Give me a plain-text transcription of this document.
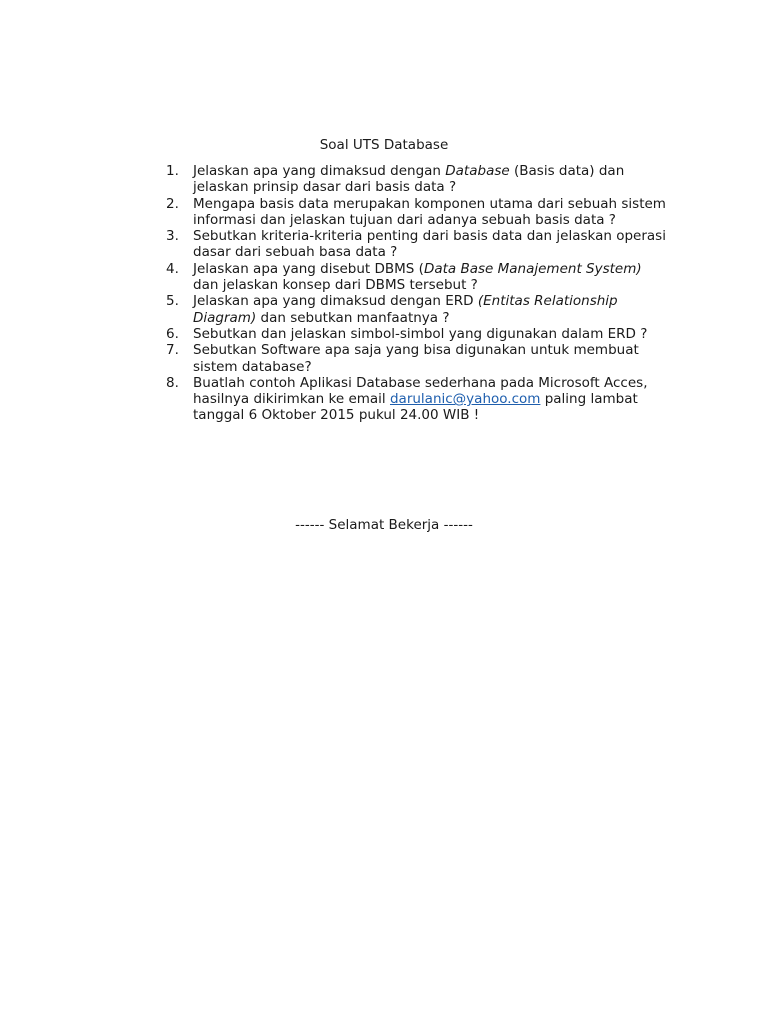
Soal UTS Database

1. Jelaskan apa yang dimaksud dengan Database (Basis data) dan jelaskan prinsip dasar dari basis data ?
2. Mengapa basis data merupakan komponen utama dari sebuah sistem informasi dan jelaskan tujuan dari adanya sebuah basis data ?
3. Sebutkan kriteria-kriteria penting dari basis data dan jelaskan operasi dasar dari sebuah basa data ?
4. Jelaskan apa yang disebut DBMS (Data Base Manajement System) dan jelaskan konsep dari DBMS tersebut ?
5. Jelaskan apa yang dimaksud dengan ERD (Entitas Relationship Diagram) dan sebutkan manfaatnya ?
6. Sebutkan dan jelaskan simbol-simbol yang digunakan dalam ERD ?
7. Sebutkan Software apa saja yang bisa digunakan untuk membuat sistem database?
8. Buatlah contoh Aplikasi Database sederhana pada Microsoft Acces, hasilnya dikirimkan ke email darulanic@yahoo.com paling lambat tanggal 6 Oktober 2015 pukul 24.00 WIB !

------ Selamat Bekerja ------
